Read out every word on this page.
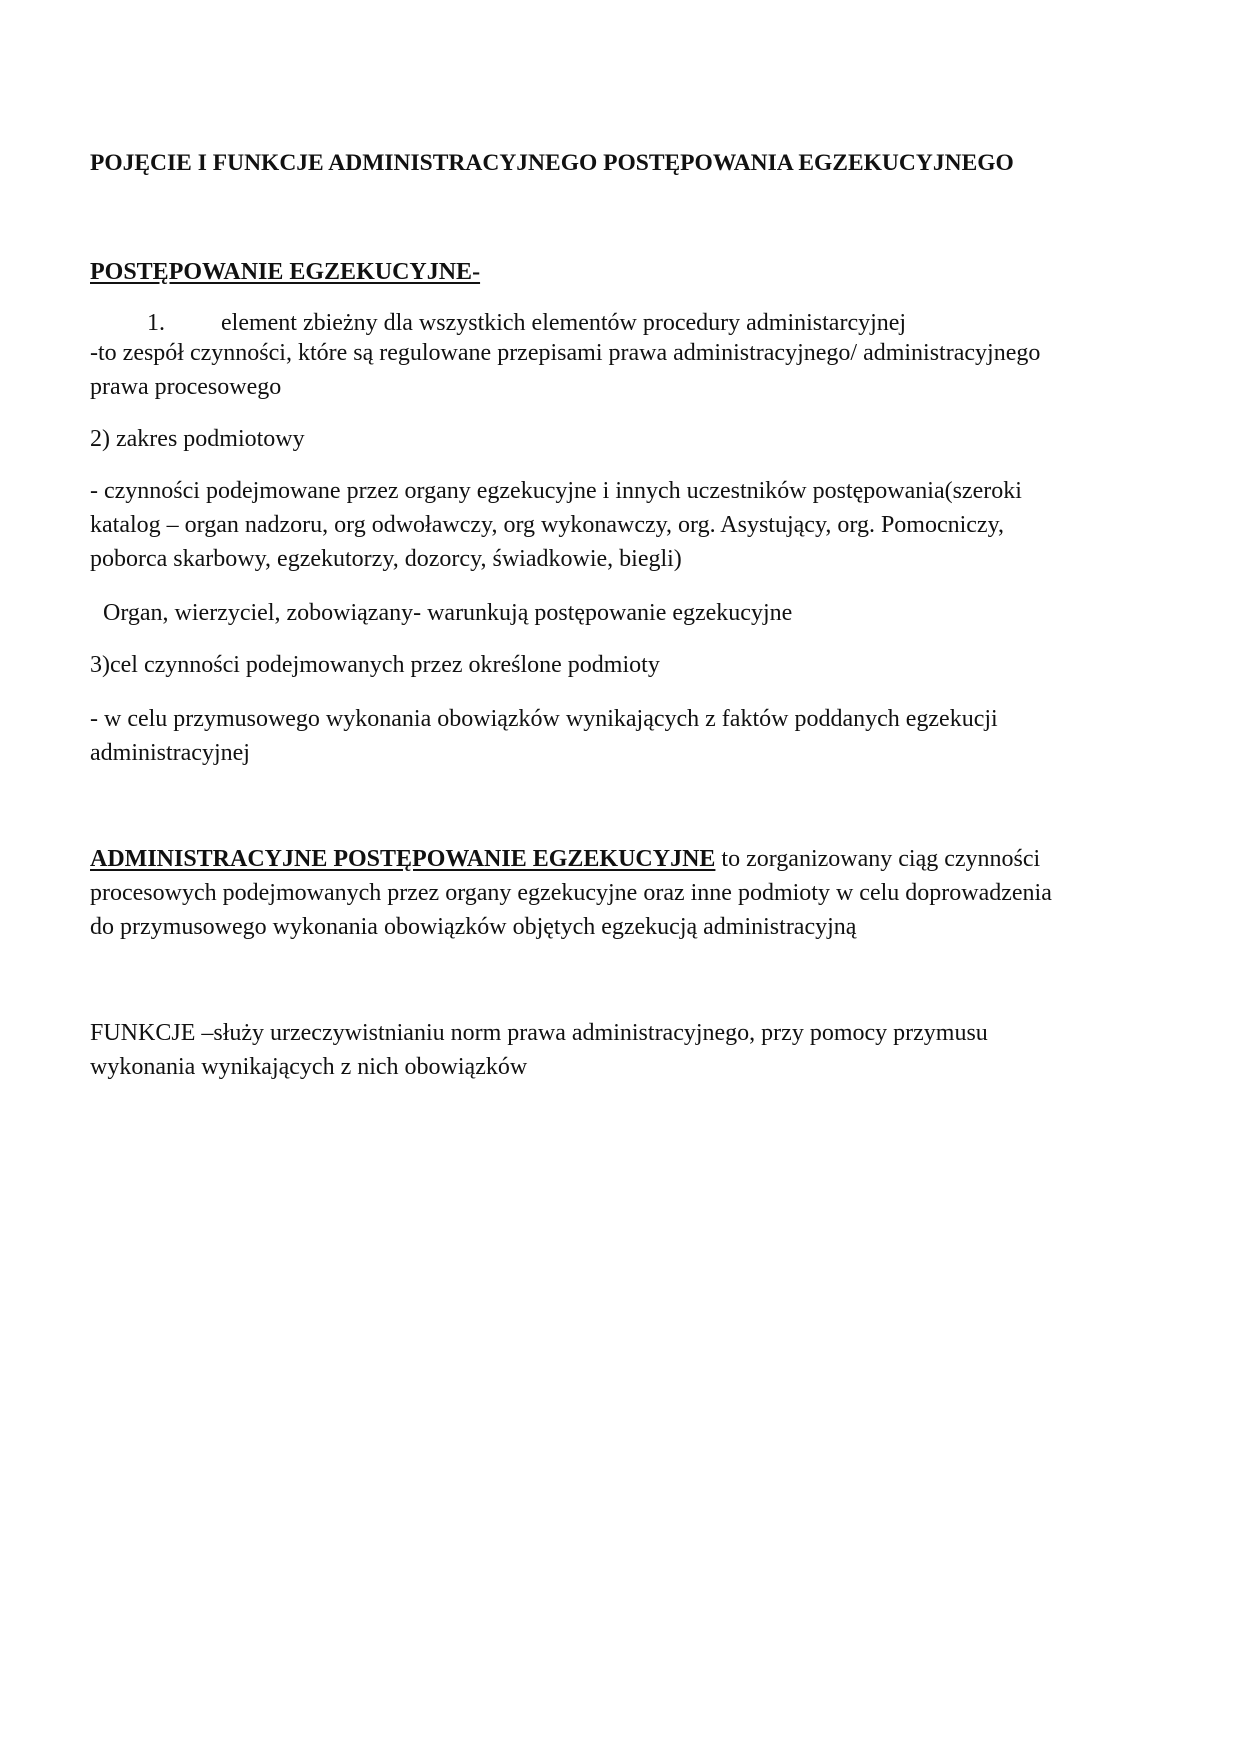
POJĘCIE I FUNKCJE ADMINISTRACYJNEGO POSTĘPOWANIA EGZEKUCYJNEGO
POSTĘPOWANIE EGZEKUCYJNE-
1. element zbieżny dla wszystkich elementów procedury administarcyjnej
-to zespół czynności, które są regulowane przepisami prawa administracyjnego/ administracyjnego
prawa procesowego
2) zakres podmiotowy
- czynności podejmowane przez organy egzekucyjne i innych uczestników postępowania(szeroki
katalog – organ nadzoru, org odwoławczy, org wykonawczy, org. Asystujący, org. Pomocniczy,
poborca skarbowy, egzekutorzy, dozorcy, świadkowie, biegli)
Organ, wierzyciel, zobowiązany- warunkują postępowanie egzekucyjne
3)cel czynności podejmowanych przez określone podmioty
- w celu przymusowego wykonania obowiązków wynikających z faktów poddanych egzekucji
administracyjnej
ADMINISTRACYJNE POSTĘPOWANIE EGZEKUCYJNE to zorganizowany ciąg czynności
procesowych podejmowanych przez organy egzekucyjne oraz inne podmioty w celu doprowadzenia
do przymusowego wykonania obowiązków objętych egzekucją administracyjną
FUNKCJE –służy urzeczywistnianiu norm prawa administracyjnego, przy pomocy przymusu
wykonania wynikających z nich obowiązków
